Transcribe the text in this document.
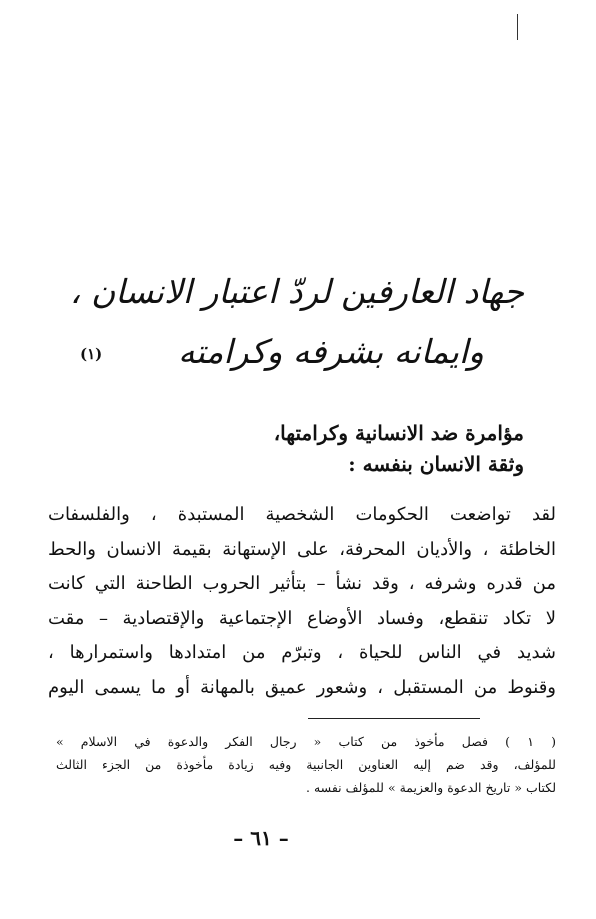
جهاد العارفين لردّ اعتبار الانسان ،
وايمانه بشرفه وكرامته
(١)
مؤامرة ضد الانسانية وكرامتها،
وثقة الانسان بنفسه :
لقد تواضعت الحكومات الشخصية المستبدة ، والفلسفات
الخاطئة ، والأديان المحرفة، على الإستهانة بقيمة الانسان والحط
من قدره وشرفه ، وقد نشأ – بتأثير الحروب الطاحنة التي كانت
لا تكاد تنقطع، وفساد الأوضاع الإجتماعية والإقتصادية – مقت
شديد في الناس للحياة ، وتبرّم من امتدادها واستمرارها ،
وقنوط من المستقبل ، وشعور عميق بالمهانة أو ما يسمى اليوم
( ١ ) فصل مأخوذ من كتاب « رجال الفكر والدعوة في الاسلام »
للمؤلف، وقد ضم إليه العناوين الجانبية وفيه زيادة مأخوذة من الجزء الثالث
لكتاب « تاريخ الدعوة والعزيمة » للمؤلف نفسه .
– ٦١ –
